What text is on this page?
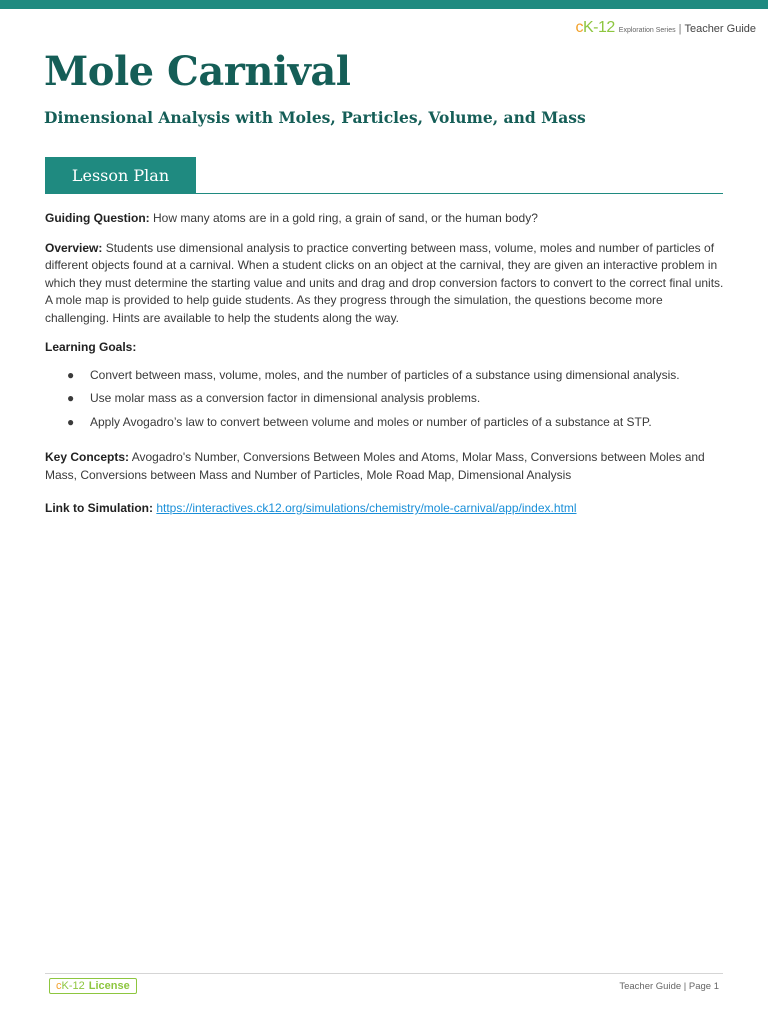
cK-12 Exploration Series | Teacher Guide
Mole Carnival
Dimensional Analysis with Moles, Particles, Volume, and Mass
Lesson Plan

Guiding Question: How many atoms are in a gold ring, a grain of sand, or the human body?

Overview: Students use dimensional analysis to practice converting between mass, volume, moles and number of particles of different objects found at a carnival. When a student clicks on an object at the carnival, they are given an interactive problem in which they must determine the starting value and units and drag and drop conversion factors to convert to the correct final units. A mole map is provided to help guide students. As they progress through the simulation, the questions become more challenging. Hints are available to help the students along the way.

Learning Goals:

● Convert between mass, volume, moles, and the number of particles of a substance using dimensional analysis.
● Use molar mass as a conversion factor in dimensional analysis problems.
● Apply Avogadro’s law to convert between volume and moles or number of particles of a substance at STP.

Key Concepts: Avogadro's Number, Conversions Between Moles and Atoms, Molar Mass, Conversions between Moles and Mass, Conversions between Mass and Number of Particles, Mole Road Map, Dimensional Analysis

Link to Simulation: https://interactives.ck12.org/simulations/chemistry/mole-carnival/app/index.html

c K -12 License	Teacher Guide | Page 1
